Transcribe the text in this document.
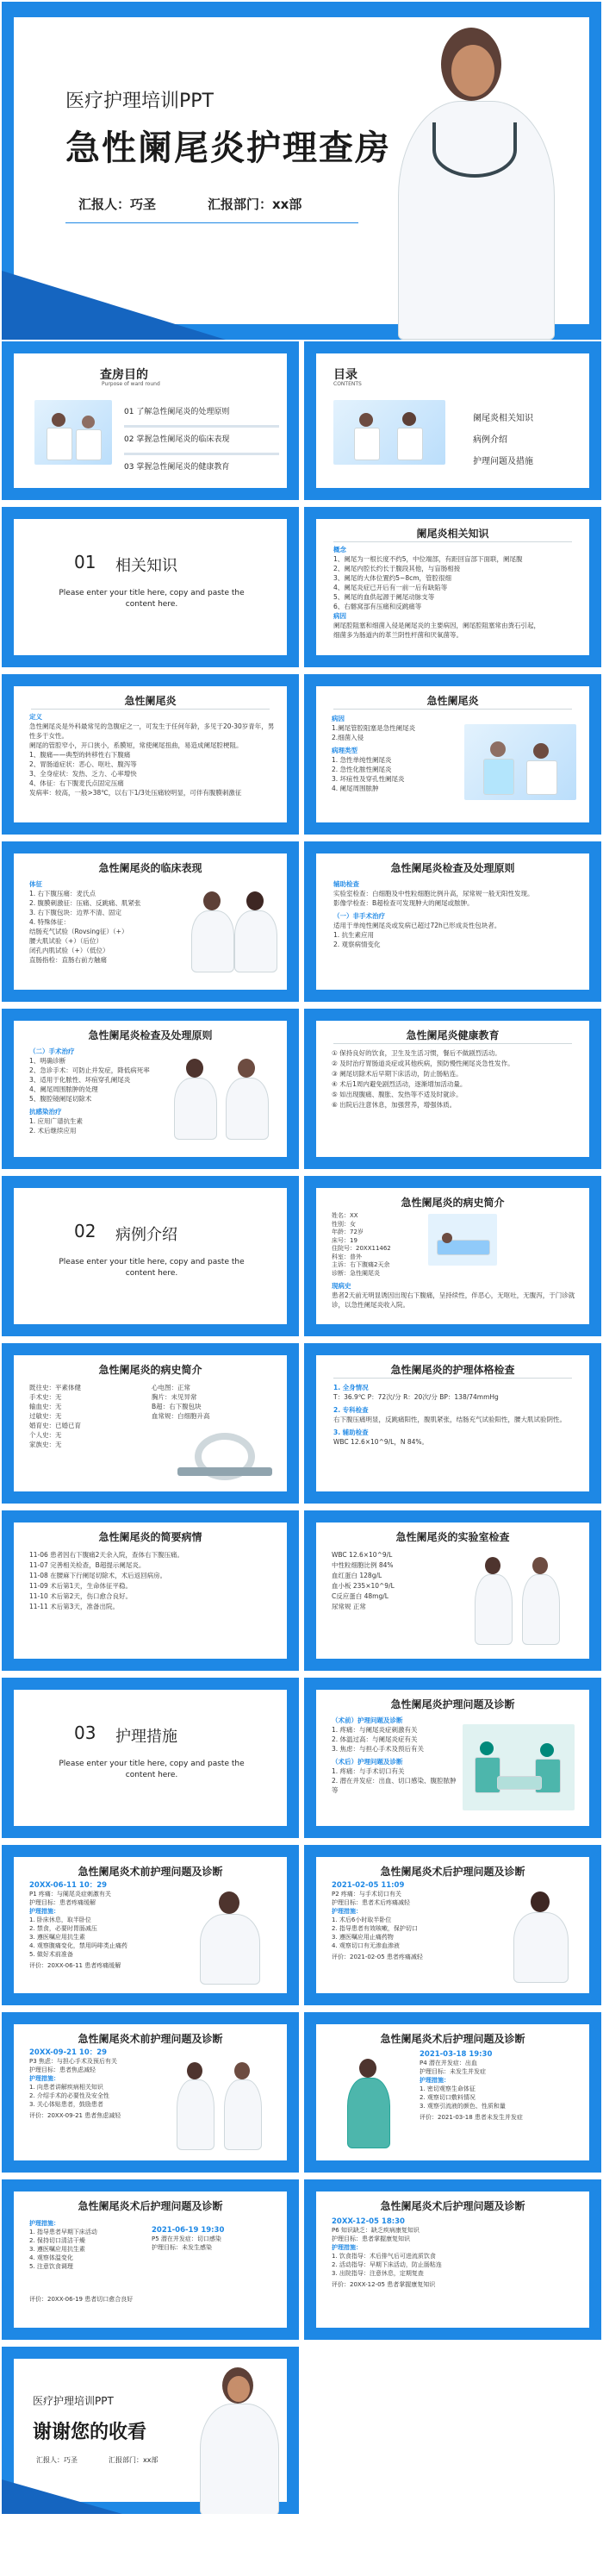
医疗护理培训PPT
急性阑尾炎护理查房
汇报人：巧圣	汇报部门：xx部
查房目的
Purpose of ward round
01 了解急性阑尾炎的处理原则
02 掌握急性阑尾炎的临床表现
03 掌握急性阑尾炎的健康教育
目录
CONTENTS
阑尾炎相关知识
病例介绍
护理问题及措施
01 相关知识
Please enter your title here, copy and paste the content here.
阑尾炎相关知识
概念
1、阑尾为一根长度不约5，中位端部，有距回盲部下面联，阑尾腹
2、阑尾内腔长约长于腹段其他，与盲肠相接
3、阑尾的大体位置约5~8cm，管腔很细
4、阑尾炎症已开后有一前一后有缺陷等
5、阑尾的血供起源于阑尾动脉支等
6、右髂窝部有压痛和反跳痛等
病因
阑尾腔阻塞和细菌入侵是阑尾炎的主要病因，阑尾腔阻塞常由粪石引起，
细菌多为肠道内的革兰阴性杆菌和厌氧菌等。
急性阑尾炎
定义
急性阑尾炎是外科最常见的急腹症之一，可发生于任何年龄，多见于20-30岁青年，男性多于女性。
阑尾的管腔窄小，开口狭小，系膜短，常使阑尾扭曲，易造成阑尾腔梗阻。
1、腹痛——典型的转移性右下腹痛
2、胃肠道症状：恶心、呕吐、腹泻等
3、全身症状：发热、乏力、心率增快
4、体征：右下腹麦氏点固定压痛
发病率：较高，一般>38℃，以右下1/3处压痛较明显，可伴有腹膜刺激征
急性阑尾炎
病因
1.阑尾管腔阻塞是急性阑尾炎
2.细菌入侵
病理类型
1. 急性单纯性阑尾炎
2. 急性化脓性阑尾炎
3. 坏疽性及穿孔性阑尾炎
4. 阑尾周围脓肿
急性阑尾炎的临床表现
体征
1. 右下腹压痛：麦氏点
2. 腹膜刺激征：压痛、反跳痛、肌紧张
3. 右下腹包块：边界不清、固定
4. 特殊体征：
结肠充气试验（Rovsing征）（+）
腰大肌试验（+）（后位）
闭孔内肌试验（+）（低位）
直肠指检：直肠右前方触痛
急性阑尾炎检查及处理原则
辅助检查
实验室检查：白细胞及中性粒细胞比例升高，尿常规一般无阳性发现。
影像学检查：B超检查可发现肿大的阑尾或脓肿。
（一）非手术治疗
适用于单纯性阑尾炎或发病已超过72h已形成炎性包块者。
1. 抗生素应用
2. 观察病情变化
急性阑尾炎检查及处理原则
（二）手术治疗
1、明确诊断
2、急诊手术：可防止并发症，降低病死率
3、适用于化脓性、坏疽穿孔阑尾炎
4、阑尾周围脓肿的处理
5、腹腔镜阑尾切除术
抗感染治疗
1. 应用广谱抗生素
2. 术后继续应用
急性阑尾炎健康教育
① 保持良好的饮食，卫生及生活习惯，餐后不做剧烈活动。
② 及时治疗胃肠道炎症或其他疾病，预防慢性阑尾炎急性发作。
③ 阑尾切除术后早期下床活动，防止肠粘连。
④ 术后1周内避免剧烈活动，逐渐增加活动量。
⑤ 如出现腹痛、腹胀、发热等不适及时就诊。
⑥ 出院后注意休息，加强营养，增强体质。
02 病例介绍
Please enter your title here, copy and paste the content here.
急性阑尾炎的病史简介
姓名：XX
性别：女
年龄：72岁
床号：19
住院号：20XX11462
科室：普外
主诉：右下腹痛2天余
诊断：急性阑尾炎
现病史
患者2天前无明显诱因出现右下腹痛，呈持续性，伴恶心，无呕吐，无腹泻，于门诊就诊，以急性阑尾炎收入院。
急性阑尾炎的病史简介
既往史：平素体健
手术史：无
输血史：无
过敏史：无
婚育史：已婚已育
个人史：无
家族史：无
心电图：正常
胸片：未见异常
B超：右下腹包块
血常规：白细胞升高
急性阑尾炎的护理体格检查
1. 全身情况
T：36.9℃ P：72次/分 R：20次/分 BP：138/74mmHg
2. 专科检查
右下腹压痛明显，反跳痛阳性，腹肌紧张，结肠充气试验阳性，腰大肌试验阴性。
3. 辅助检查
WBC 12.6×10^9/L，N 84%。
急性阑尾炎的简要病情
11-06 患者因右下腹痛2天余入院，查体右下腹压痛。
11-07 完善相关检查，B超提示阑尾炎。
11-08 在腰麻下行阑尾切除术，术后返回病房。
11-09 术后第1天，生命体征平稳。
11-10 术后第2天，伤口愈合良好。
11-11 术后第3天，准备出院。
急性阑尾炎的实验室检查
WBC 12.6×10^9/L
中性粒细胞比例 84%
血红蛋白 128g/L
血小板 235×10^9/L
C反应蛋白 48mg/L
尿常规 正常
03 护理措施
Please enter your title here, copy and paste the content here.
急性阑尾炎护理问题及诊断
（术前）护理问题及诊断
1. 疼痛：与阑尾炎症刺激有关
2. 体温过高：与阑尾炎症有关
3. 焦虑：与担心手术及预后有关
（术后）护理问题及诊断
1. 疼痛：与手术切口有关
2. 潜在并发症：出血、切口感染、腹腔脓肿等
急性阑尾炎术前护理问题及诊断
20XX-06-11 10：29
P1 疼痛：与阑尾炎症刺激有关
护理目标：患者疼痛缓解
护理措施：
1. 卧床休息，取半卧位
2. 禁食，必要时胃肠减压
3. 遵医嘱应用抗生素
4. 观察腹痛变化，禁用吗啡类止痛药
5. 做好术前准备
评价：20XX-06-11 患者疼痛缓解
急性阑尾炎术后护理问题及诊断
2021-02-05 11:09
P2 疼痛：与手术切口有关
护理目标：患者术后疼痛减轻
护理措施：
1. 术后6小时取半卧位
2. 指导患者有效咳嗽，保护切口
3. 遵医嘱应用止痛药物
4. 观察切口有无渗血渗液
评价：2021-02-05 患者疼痛减轻
急性阑尾炎术前护理问题及诊断
20XX-09-21 10：29
P3 焦虑：与担心手术及预后有关
护理目标：患者焦虑减轻
护理措施：
1. 向患者讲解疾病相关知识
2. 介绍手术的必要性及安全性
3. 关心体贴患者，鼓励患者
评价：20XX-09-21 患者焦虑减轻
急性阑尾炎术后护理问题及诊断
2021-03-18 19:30
P4 潜在并发症：出血
护理目标：未发生并发症
护理措施：
1. 密切观察生命体征
2. 观察切口敷料情况
3. 观察引流液的颜色、性质和量
评价：2021-03-18 患者未发生并发症
急性阑尾炎术后护理问题及诊断
护理措施：
1. 指导患者早期下床活动
2. 保持切口清洁干燥
3. 遵医嘱应用抗生素
4. 观察体温变化
5. 注意饮食调理
2021-06-19 19:30
P5 潜在并发症：切口感染
护理目标：未发生感染
评价：20XX-06-19 患者切口愈合良好
急性阑尾炎术后护理问题及诊断
20XX-12-05 18:30
P6 知识缺乏：缺乏疾病康复知识
护理目标：患者掌握康复知识
护理措施：
1. 饮食指导：术后排气后可进流质饮食
2. 活动指导：早期下床活动，防止肠粘连
3. 出院指导：注意休息，定期复查
评价：20XX-12-05 患者掌握康复知识
医疗护理培训PPT
谢谢您的收看
汇报人：巧圣	汇报部门：xx部
